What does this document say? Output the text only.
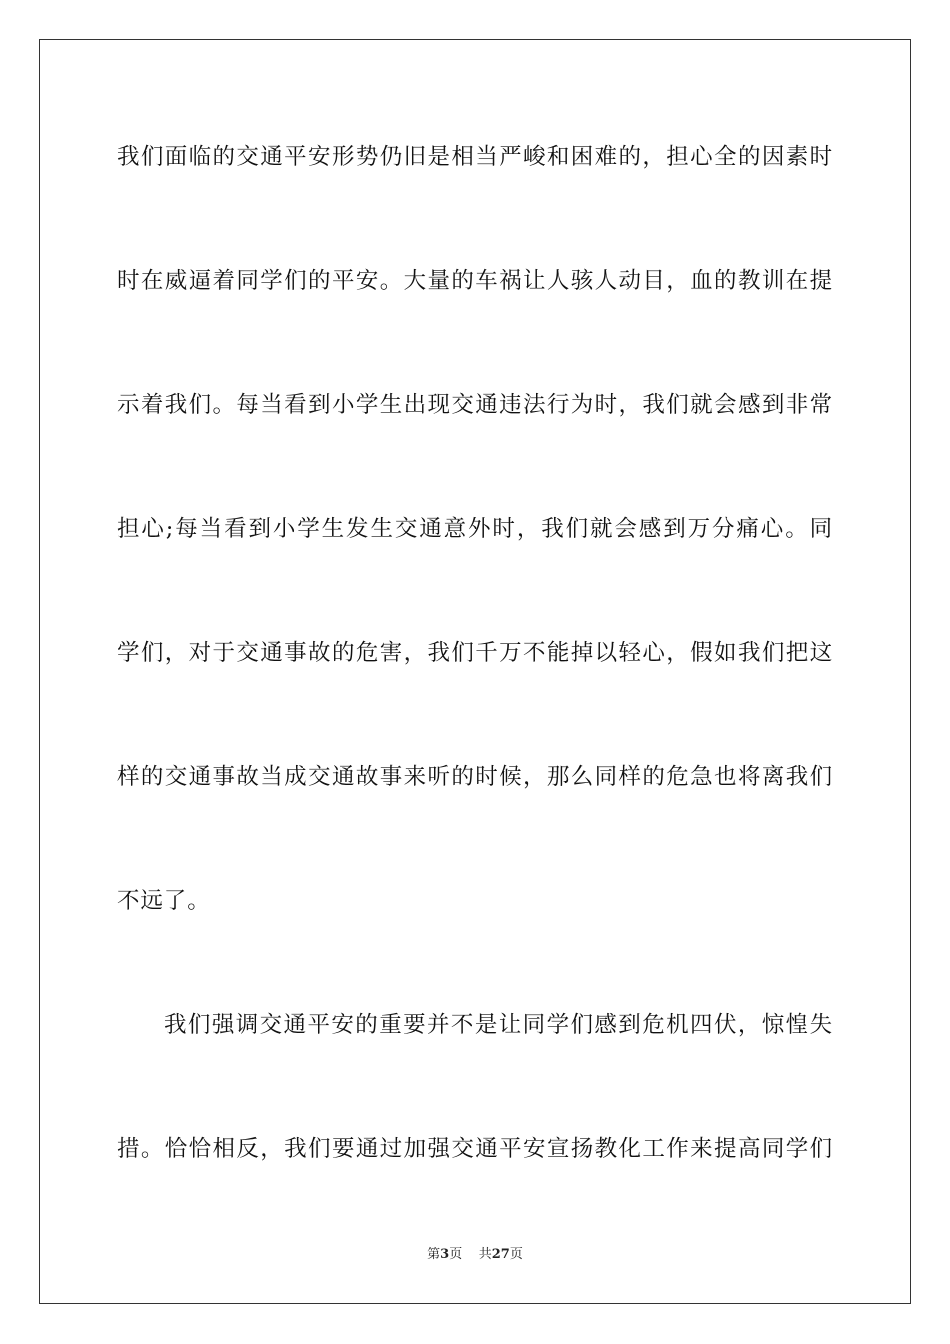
我们面临的交通平安形势仍旧是相当严峻和困难的，担心全的因素时
时在威逼着同学们的平安。大量的车祸让人骇人动目，血的教训在提
示着我们。每当看到小学生出现交通违法行为时，我们就会感到非常
担心;每当看到小学生发生交通意外时，我们就会感到万分痛心。同
学们，对于交通事故的危害，我们千万不能掉以轻心，假如我们把这
样的交通事故当成交通故事来听的时候，那么同样的危急也将离我们
不远了。
我们强调交通平安的重要并不是让同学们感到危机四伏，惊惶失
措。恰恰相反，我们要通过加强交通平安宣扬教化工作来提高同学们
第3页 共27页
